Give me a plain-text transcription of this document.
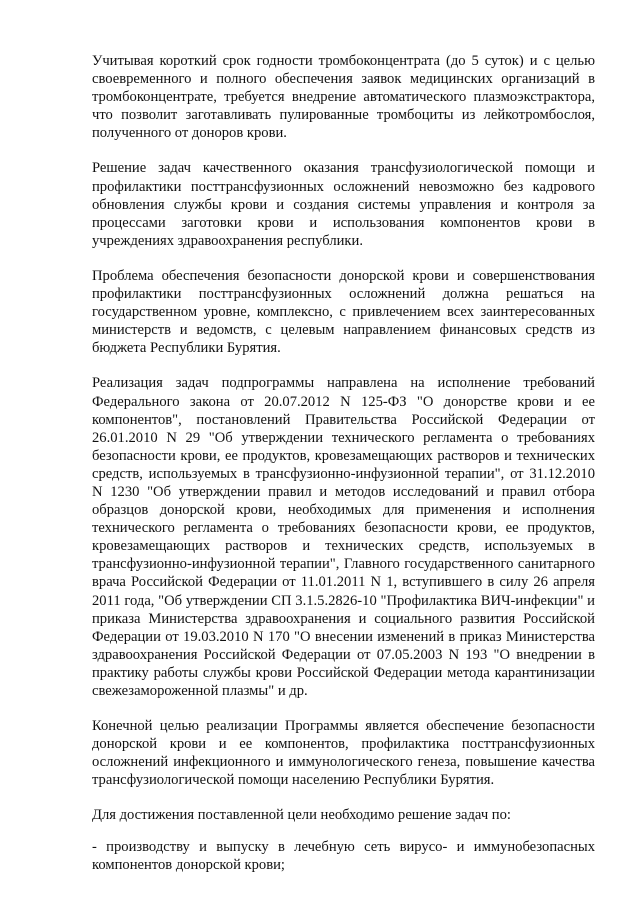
Учитывая короткий срок годности тромбоконцентрата (до 5 суток) и с целью своевременного и полного обеспечения заявок медицинских организаций в тромбоконцентрате, требуется внедрение автоматического плазмоэкстрактора, что позволит заготавливать пулированные тромбоциты из лейкотромбослоя, полученного от доноров крови.

Решение задач качественного оказания трансфузиологической помощи и профилактики посттрансфузионных осложнений невозможно без кадрового обновления службы крови и создания системы управления и контроля за процессами заготовки крови и использования компонентов крови в учреждениях здравоохранения республики.

Проблема обеспечения безопасности донорской крови и совершенствования профилактики посттрансфузионных осложнений должна решаться на государственном уровне, комплексно, с привлечением всех заинтересованных министерств и ведомств, с целевым направлением финансовых средств из бюджета Республики Бурятия.

Реализация задач подпрограммы направлена на исполнение требований Федерального закона от 20.07.2012 N 125-ФЗ "О донорстве крови и ее компонентов", постановлений Правительства Российской Федерации от 26.01.2010 N 29 "Об утверждении технического регламента о требованиях безопасности крови, ее продуктов, кровезамещающих растворов и технических средств, используемых в трансфузионно-инфузионной терапии", от 31.12.2010 N 1230 "Об утверждении правил и методов исследований и правил отбора образцов донорской крови, необходимых для применения и исполнения технического регламента о требованиях безопасности крови, ее продуктов, кровезамещающих растворов и технических средств, используемых в трансфузионно-инфузионной терапии", Главного государственного санитарного врача Российской Федерации от 11.01.2011 N 1, вступившего в силу 26 апреля 2011 года, "Об утверждении СП 3.1.5.2826-10 "Профилактика ВИЧ-инфекции" и приказа Министерства здравоохранения и социального развития Российской Федерации от 19.03.2010 N 170 "О внесении изменений в приказ Министерства здравоохранения Российской Федерации от 07.05.2003 N 193 "О внедрении в практику работы службы крови Российской Федерации метода карантинизации свежезамороженной плазмы" и др.

Конечной целью реализации Программы является обеспечение безопасности донорской крови и ее компонентов, профилактика посттрансфузионных осложнений инфекционного и иммунологического генеза, повышение качества трансфузиологической помощи населению Республики Бурятия.

Для достижения поставленной цели необходимо решение задач по:

- производству и выпуску в лечебную сеть вирусо- и иммунобезопасных компонентов донорской крови;
